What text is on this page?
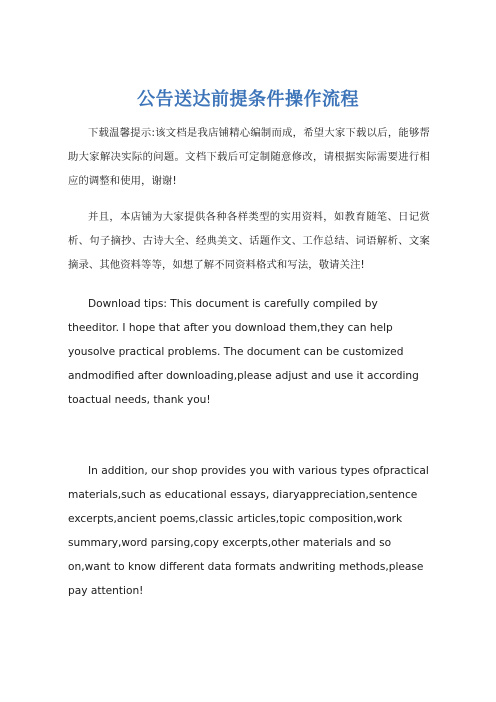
公告送达前提条件操作流程

下载温馨提示:该文档是我店铺精心编制而成，希望大家下载以后，能够帮助大家解决实际的问题。文档下载后可定制随意修改，请根据实际需要进行相应的调整和使用，谢谢!

并且，本店铺为大家提供各种各样类型的实用资料，如教育随笔、日记赏析、句子摘抄、古诗大全、经典美文、话题作文、工作总结、词语解析、文案摘录、其他资料等等，如想了解不同资料格式和写法，敬请关注!

Download tips: This document is carefully compiled by theeditor. I hope that after you download them,they can help yousolve practical problems. The document can be customized andmodified after downloading,please adjust and use it according toactual needs, thank you!

In addition, our shop provides you with various types ofpractical materials,such as educational essays, diaryappreciation,sentence excerpts,ancient poems,classic articles,topic composition,work summary,word parsing,copy excerpts,other materials and so on,want to know different data formats andwriting methods,please pay attention!
